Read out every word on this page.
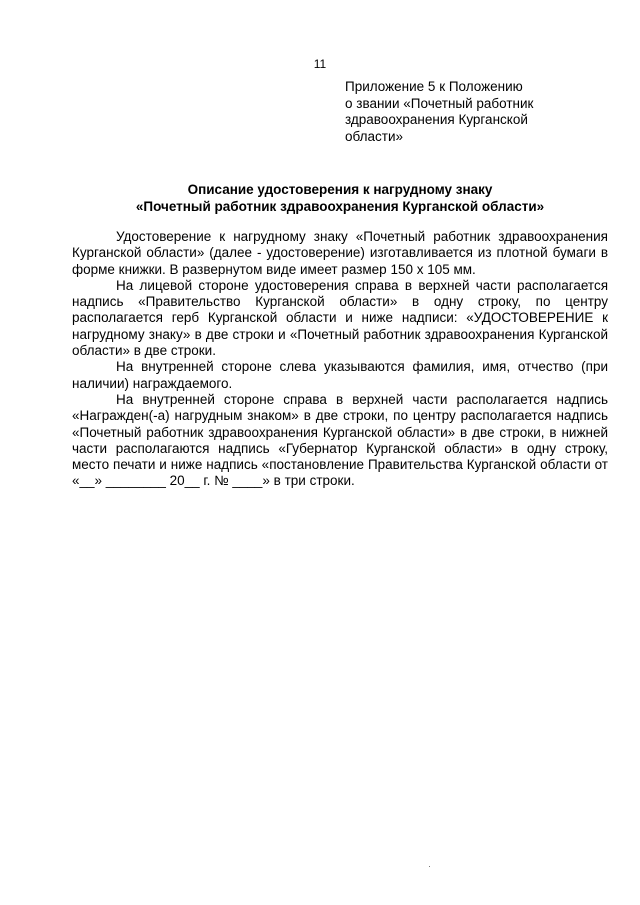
11
Приложение 5 к Положению
о звании «Почетный работник
здравоохранения Курганской
области»
Описание удостоверения к нагрудному знаку
«Почетный работник здравоохранения Курганской области»

Удостоверение к нагрудному знаку «Почетный работник здравоохранения Курганской области» (далее - удостоверение) изготавливается из плотной бумаги в форме книжки. В развернутом виде имеет размер 150 х 105 мм.

На лицевой стороне удостоверения справа в верхней части располагается надпись «Правительство Курганской области» в одну строку, по центру располагается герб Курганской области и ниже надписи: «УДОСТОВЕРЕНИЕ к нагрудному знаку» в две строки и «Почетный работник здравоохранения Курганской области» в две строки.

На внутренней стороне слева указываются фамилия, имя, отчество (при наличии) награждаемого.

На внутренней стороне справа в верхней части располагается надпись «Награжден(-а) нагрудным знаком» в две строки, по центру располагается надпись «Почетный работник здравоохранения Курганской области» в две строки, в нижней части располагаются надпись «Губернатор Курганской области» в одну строку, место печати и ниже надпись «постановление Правительства Курганской области от «__» ________ 20__ г. № ____» в три строки.
